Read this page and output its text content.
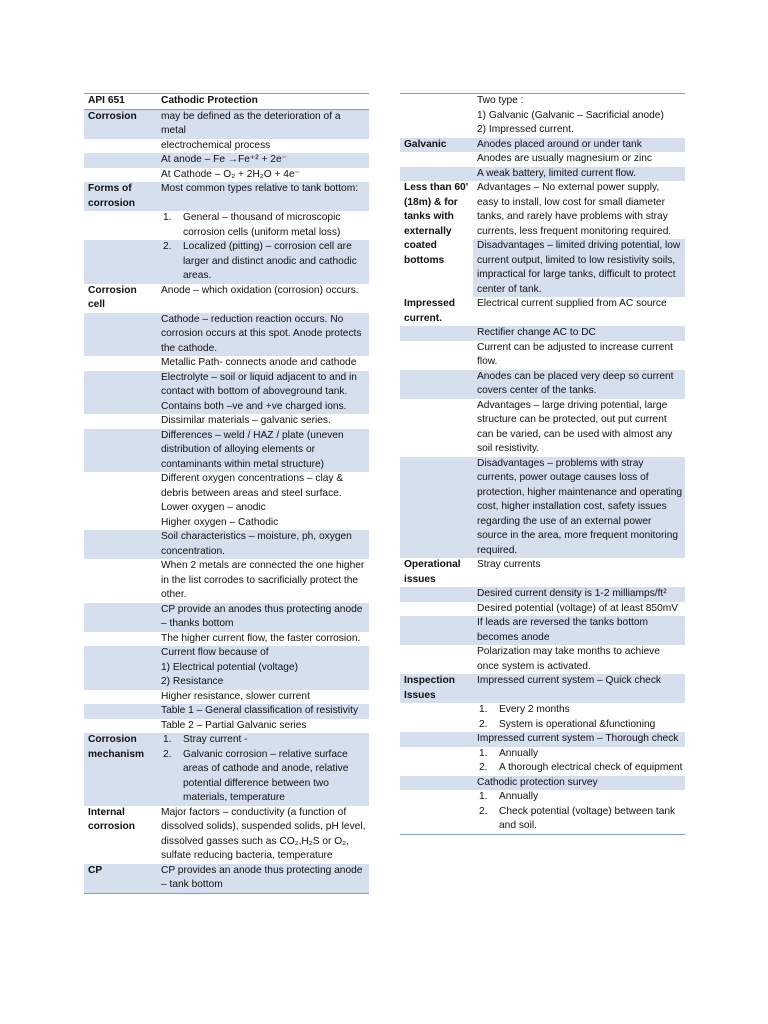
API 651	Cathodic Protection

Corrosion	may be defined as the deterioration of a metal

	electrochemical process

	At anode – Fe →Fe⁺² + 2e⁻

	At Cathode – O₂ + 2H₂O + 4e⁻

Forms of corrosion	Most common types relative to tank bottom:

	1. General – thousand of microscopic corrosion cells (uniform metal loss)

	2. Localized (pitting) – corrosion cell are larger and distinct anodic and cathodic areas.

Corrosion cell	Anode – which oxidation (corrosion) occurs.

	Cathode – reduction reaction occurs. No corrosion occurs at this spot. Anode protects the cathode.

	Metallic Path- connects anode and cathode

	Electrolyte – soil or liquid adjacent to and in contact with bottom of aboveground tank.
Contains both –ve and +ve charged ions.

	Dissimilar materials – galvanic series.

	Differences – weld / HAZ / plate (uneven distribution of alloying elements or contaminants within metal structure)

	Different oxygen concentrations – clay & debris between areas and steel surface.
Lower oxygen – anodic
Higher oxygen – Cathodic

	Soil characteristics – moisture, ph, oxygen concentration.

	When 2 metals are connected the one higher in the list corrodes to sacrificially protect the other.

	CP provide an anodes thus protecting anode – thanks bottom

	The higher current flow, the faster corrosion.

	Current flow because of
1) Electrical potential (voltage)
2) Resistance

	Higher resistance, slower current

	Table 1 – General classification of resistivity

	Table 2 – Partial Galvanic series

Corrosion mechanism	1. Stray current -
2. Galvanic corrosion – relative surface areas of cathode and anode, relative potential difference between two materials, temperature

Internal corrosion	Major factors – conductivity (a function of dissolved solids), suspended solids, pH level, dissolved gasses such as CO₂,H₂S or O₂, sulfate reducing bacteria, temperature

CP	CP provides an anode thus protecting anode – tank bottom

	Two type :
1) Galvanic (Galvanic – Sacrificial anode)
2) Impressed current.

Galvanic	Anodes placed around or under tank

	Anodes are usually magnesium or zinc

	A weak battery, limited current flow.

Less than 60' (18m) & for tanks with externally coated bottoms	Advantages – No external power supply, easy to install, low cost for small diameter tanks, and rarely have problems with stray currents, less frequent monitoring required.

	Disadvantages – limited driving potential, low current output, limited to low resistivity soils, impractical for large tanks, difficult to protect center of tank.
Impressed current.	Electrical current supplied from AC source

	Rectifier change AC to DC

	Current can be adjusted to increase current flow.

	Anodes can be placed very deep so current covers center of the tanks.

	Advantages – large driving potential, large structure can be protected, out put current can be varied, can be used with almost any soil resistivity.

	Disadvantages – problems with stray currents, power outage causes loss of protection, higher maintenance and operating cost, higher installation cost, safety issues regarding the use of an external power source in the area, more frequent monitoring required.

Operational issues	Stray currents

	Desired current density is 1-2 milliamps/ft²

	Desired potential (voltage) of at least 850mV

	If leads are reversed the tanks bottom becomes anode

	Polarization may take months to achieve once system is activated.

Inspection Issues	Impressed current system – Quick check

	1. Every 2 months
2. System is operational &functioning

	Impressed current system – Thorough check

	1. Annually
2. A thorough electrical check of equipment

	Cathodic protection survey

	1. Annually
2. Check potential (voltage) between tank and soil.
